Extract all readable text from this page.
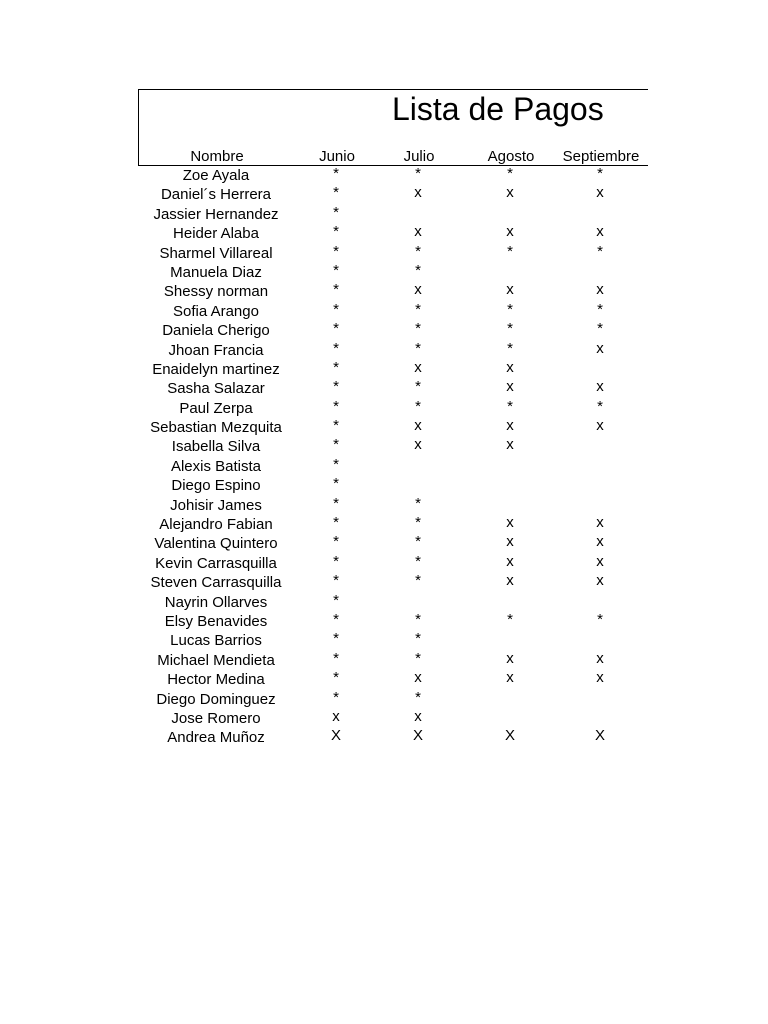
Lista de Pagos
Nombre	Junio	Julio	Agosto	Septiembre
Zoe Ayala	*	*	*	*
Daniel´s Herrera	*	x	x	x
Jassier Hernandez	*
Heider Alaba	*	x	x	x
Sharmel Villareal	*	*	*	*
Manuela Diaz	*	*
Shessy norman	*	x	x	x
Sofia Arango	*	*	*	*
Daniela Cherigo	*	*	*	*
Jhoan Francia	*	*	*	x
Enaidelyn martinez	*	x	x
Sasha Salazar	*	*	x	x
Paul Zerpa	*	*	*	*
Sebastian Mezquita	*	x	x	x
Isabella Silva	*	x	x
Alexis Batista	*
Diego Espino	*
Johisir James	*	*
Alejandro Fabian	*	*	x	x
Valentina Quintero	*	*	x	x
Kevin Carrasquilla	*	*	x	x
Steven Carrasquilla	*	*	x	x
Nayrin Ollarves	*
Elsy Benavides	*	*	*	*
Lucas Barrios	*	*
Michael Mendieta	*	*	x	x
Hector Medina	*	x	x	x
Diego Dominguez	*	*
Jose Romero	x	x
Andrea Muñoz	X	X	X	X
